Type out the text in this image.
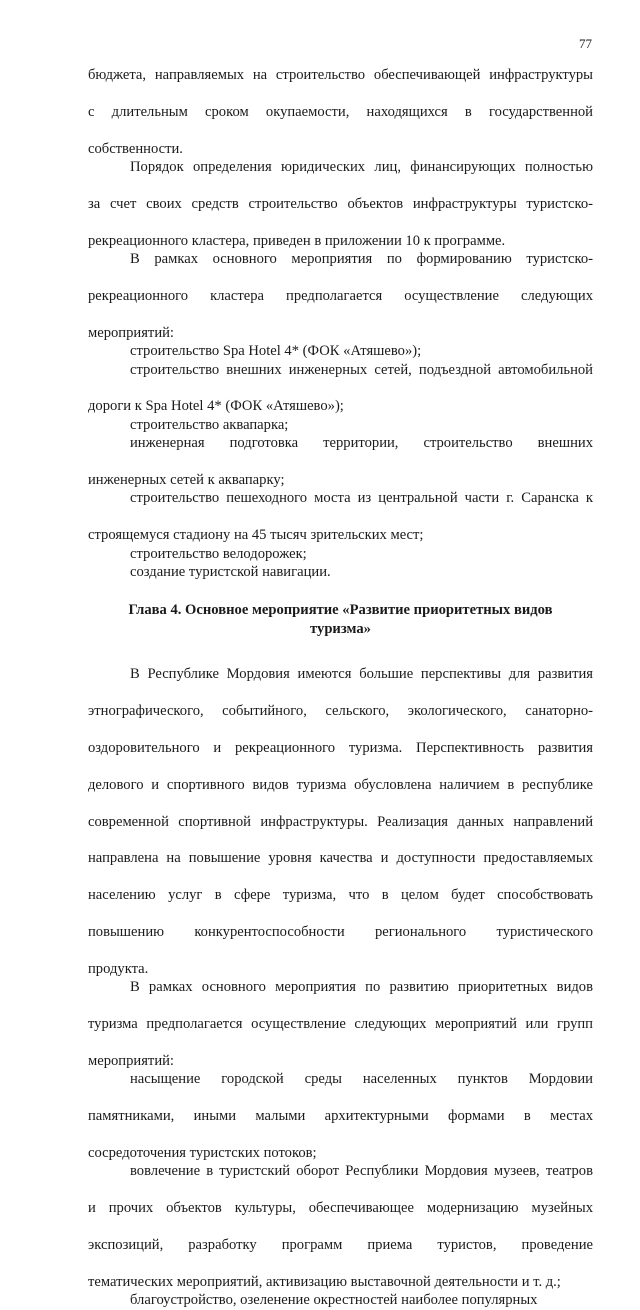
77

бюджета, направляемых на строительство обеспечивающей инфраструктуры с длительным сроком окупаемости, находящихся в государственной собственности.

Порядок определения юридических лиц, финансирующих полностью за счет своих средств строительство объектов инфраструктуры туристско- рекреационного кластера, приведен в приложении 10 к программе.

В рамках основного мероприятия по формированию туристско- рекреационного кластера предполагается осуществление следующих мероприятий:

строительство Spa Hotel 4* (ФОК «Атяшево»);

строительство внешних инженерных сетей, подъездной автомобильной дороги к Spa Hotel 4* (ФОК «Атяшево»);

строительство аквапарка;

инженерная подготовка территории, строительство внешних инженерных сетей к аквапарку;

строительство пешеходного моста из центральной части г. Саранска к строящемуся стадиону на 45 тысяч зрительских мест;

строительство велодорожек;

создание туристской навигации.

Глава 4. Основное мероприятие «Развитие приоритетных видов
туризма»

В Республике Мордовия имеются большие перспективы для развития этнографического, событийного, сельского, экологического, санаторно- оздоровительного и рекреационного туризма. Перспективность развития делового и спортивного видов туризма обусловлена наличием в республике современной спортивной инфраструктуры. Реализация данных направлений направлена на повышение уровня качества и доступности предоставляемых населению услуг в сфере туризма, что в целом будет способствовать повышению конкурентоспособности регионального туристического продукта.

В рамках основного мероприятия по развитию приоритетных видов туризма предполагается осуществление следующих мероприятий или групп мероприятий:

насыщение городской среды населенных пунктов Мордовии памятниками, иными малыми архитектурными формами в местах сосредоточения туристских потоков;

вовлечение в туристский оборот Республики Мордовия музеев, театров и прочих объектов культуры, обеспечивающее модернизацию музейных экспозиций, разработку программ приема туристов, проведение тематических мероприятий, активизацию выставочной деятельности и т. д.;

благоустройство, озеленение окрестностей наиболее популярных
